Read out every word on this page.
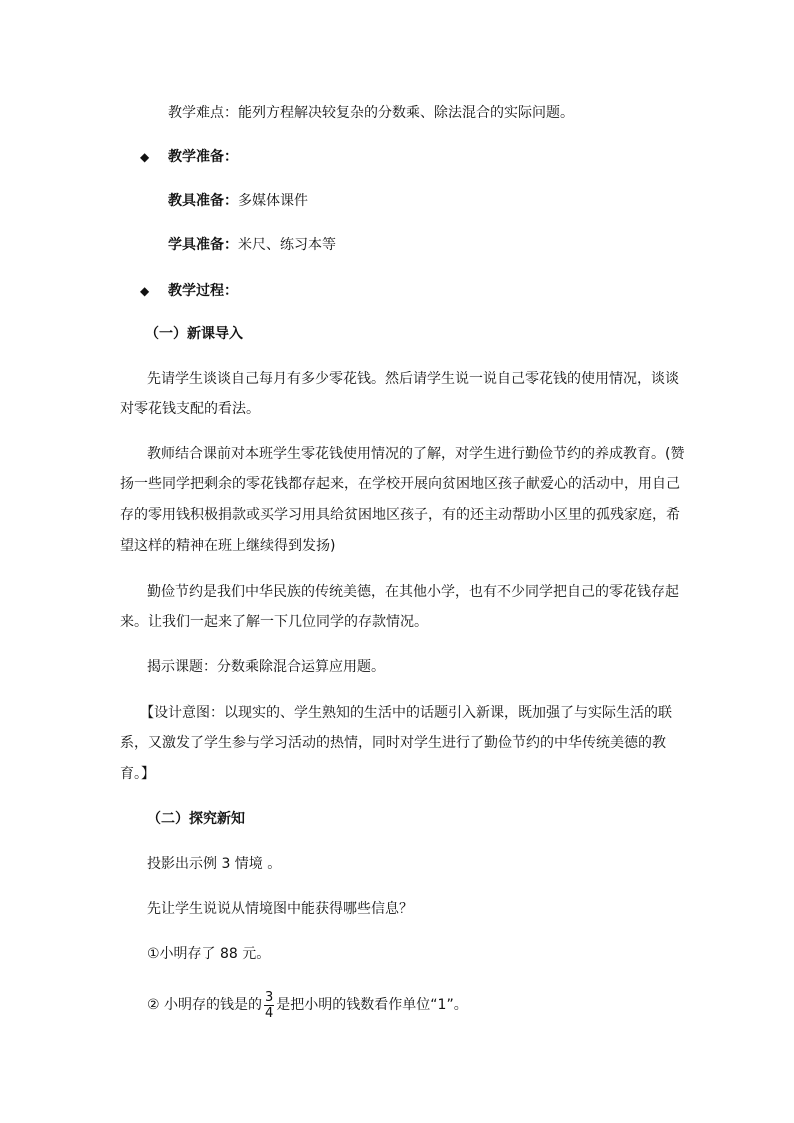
教学难点：能列方程解决较复杂的分数乘、除法混合的实际问题。
◆ 教学准备：
教具准备：多媒体课件
学具准备：米尺、练习本等
◆ 教学过程：
（一）新课导入
先请学生谈谈自己每月有多少零花钱。然后请学生说一说自己零花钱的使用情况，谈谈
对零花钱支配的看法。
教师结合课前对本班学生零花钱使用情况的了解，对学生进行勤俭节约的养成教育。(赞
扬一些同学把剩余的零花钱都存起来，在学校开展向贫困地区孩子献爱心的活动中，用自己
存的零用钱积极捐款或买学习用具给贫困地区孩子，有的还主动帮助小区里的孤残家庭，希
望这样的精神在班上继续得到发扬)
勤俭节约是我们中华民族的传统美德，在其他小学，也有不少同学把自己的零花钱存起
来。让我们一起来了解一下几位同学的存款情况。
揭示课题：分数乘除混合运算应用题。
【设计意图：以现实的、学生熟知的生活中的话题引入新课，既加强了与实际生活的联
系，又激发了学生参与学习活动的热情，同时对学生进行了勤俭节约的中华传统美德的教
育。】
（二）探究新知
投影出示例 3 情境 。
先让学生说说从情境图中能获得哪些信息？
①小明存了 88 元。
② 小明存的钱是的 $\frac{3}{4}$ 是把小明的钱数看作单位“1”。
